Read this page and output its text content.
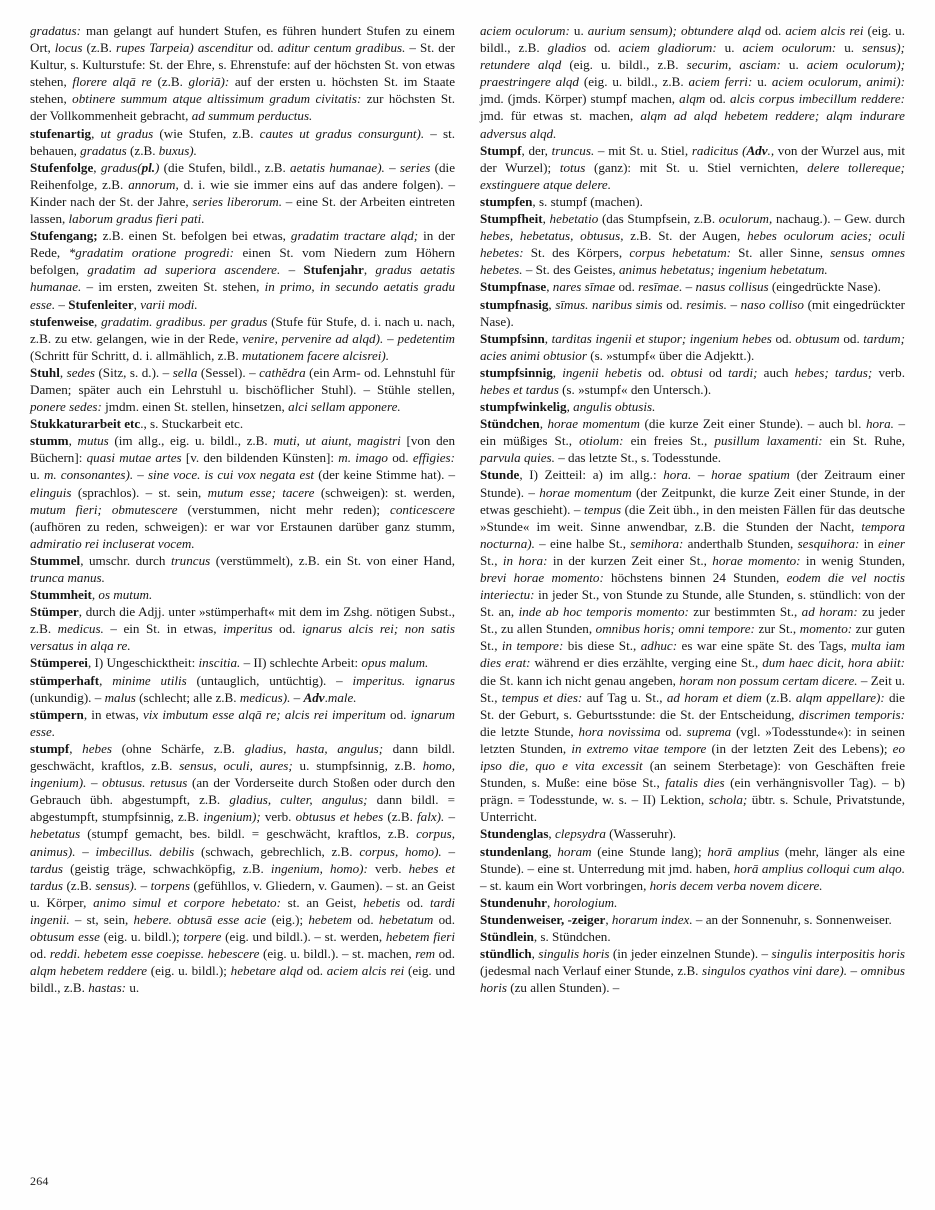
gradatus: man gelangt auf hundert Stufen, es führen hundert Stufen zu einem Ort, locus (z.B. rupes Tarpeia) ascenditur od. aditur centum gradibus. – St. der Kultur, s. Kulturstufe: St. der Ehre, s. Ehrenstufe: auf der höchsten St. von etwas stehen, florere alqā re (z.B. gloriā): auf der ersten u. höchsten St. im Staate stehen, obtinere summum atque altissimum gradum civitatis: zur höchsten St. der Vollkommenheit gebracht, ad summum perductus.

stufenartig, ut gradus (wie Stufen, z.B. cautes ut gradus consurgunt). – st. behauen, gradatus (z.B. buxus).

Stufenfolge, gradus(pl.) (die Stufen, bildl., z.B. aetatis humanae). – series (die Reihenfolge, z.B. annorum, d. i. wie sie immer eins auf das andere folgen). – Kinder nach der St. der Jahre, series liberorum. – eine St. der Arbeiten eintreten lassen, laborum gradus fieri pati.

Stufengang; z.B. einen St. befolgen bei etwas, gradatim tractare alqd; in der Rede, *gradatim oratione progredi: einen St. vom Niedern zum Höhern befolgen, gradatim ad superiora ascendere. – Stufenjahr, gradus aetatis humanae. – im ersten, zweiten St. stehen, in primo, in secundo aetatis gradu esse. – Stufenleiter, varii modi.

stufenweise, gradatim. gradibus. per gradus (Stufe für Stufe, d. i. nach u. nach, z.B. zu etw. gelangen, wie in der Rede, venire, pervenire ad alqd). – pedetentim (Schritt für Schritt, d. i. allmählich, z.B. mutationem facere alcisrei).

Stuhl, sedes (Sitz, s. d.). – sella (Sessel). – cathĕdra (ein Arm- od. Lehnstuhl für Damen; später auch ein Lehrstuhl u. bischöflicher Stuhl). – Stühle stellen, ponere sedes: jmdm. einen St. stellen, hinsetzen, alci sellam apponere.

Stukkaturarbeit etc., s. Stuckarbeit etc.

stumm, mutus (im allg., eig. u. bildl., z.B. muti, ut aiunt, magistri [von den Büchern]: quasi mutae artes [v. den bildenden Künsten]: m. imago od. effigies: u. m. consonantes). – sine voce. is cui vox negata est (der keine Stimme hat). – elinguis (sprachlos). – st. sein, mutum esse; tacere (schweigen): st. werden, mutum fieri; obmutescere (verstummen, nicht mehr reden); conticescere (aufhören zu reden, schweigen): er war vor Erstaunen darüber ganz stumm, admiratio rei incluserat vocem.

Stummel, umschr. durch truncus (verstümmelt), z.B. ein St. von einer Hand, trunca manus.

Stummheit, os mutum.

Stümper, durch die Adjj. unter »stümperhaft« mit dem im Zshg. nötigen Subst., z.B. medicus. – ein St. in etwas, imperitus od. ignarus alcis rei; non satis versatus in alqa re.

Stümperei, I) Ungeschicktheit: inscitia. – II) schlechte Arbeit: opus malum.

stümperhaft, minime utilis (untauglich, untüchtig). – imperitus. ignarus (unkundig). – malus (schlecht; alle z.B. medicus). – Adv.male.

stümpern, in etwas, vix imbutum esse alqā re; alcis rei imperitum od. ignarum esse.

stumpf, hebes (ohne Schärfe, z.B. gladius, hasta, angulus; dann bildl. geschwächt, kraftlos, z.B. sensus, oculi, aures; u. stumpfsinnig, z.B. homo, ingenium). – obtusus. retusus (an der Vorderseite durch Stoßen oder durch den Gebrauch übh. abgestumpft, z.B. gladius, culter, angulus; dann bildl. = abgestumpft, stumpfsinnig, z.B. ingenium); verb. obtusus et hebes (z.B. falx). – hebetatus (stumpf gemacht, bes. bildl. = geschwächt, kraftlos, z.B. corpus, animus). – imbecillus. debilis (schwach, gebrechlich, z.B. corpus, homo). – tardus (geistig träge, schwachköpfig, z.B. ingenium, homo): verb. hebes et tardus (z.B. sensus). – torpens (gefühllos, v. Gliedern, v. Gaumen). – st. an Geist u. Körper, animo simul et corpore hebetato: st. an Geist, hebetis od. tardi ingenii. – st, sein, hebere. obtusā esse acie (eig.); hebetem od. hebetatum od. obtusum esse (eig. u. bildl.); torpere (eig. und bildl.). – st. werden, hebetem fieri od. reddi. hebetem esse coepisse. hebescere (eig. u. bildl.). – st. machen, rem od. alqm hebetem reddere (eig. u. bildl.); hebetare alqd od. aciem alcis rei (eig. und bildl., z.B. hastas: u.

aciem oculorum: u. aurium sensum); obtundere alqd od. aciem alcis rei (eig. u. bildl., z.B. gladios od. aciem gladiorum: u. aciem oculorum: u. sensus); retundere alqd (eig. u. bildl., z.B. securim, asciam: u. aciem oculorum); praestringere alqd (eig. u. bildl., z.B. aciem ferri: u. aciem oculorum, animi): jmd. (jmds. Körper) stumpf machen, alqm od. alcis corpus imbecillum reddere: jmd. für etwas st. machen, alqm ad alqd hebetem reddere; alqm indurare adversus alqd.

Stumpf, der, truncus. – mit St. u. Stiel, radicitus (Adv., von der Wurzel aus, mit der Wurzel); totus (ganz): mit St. u. Stiel vernichten, delere tollereque; exstinguere atque delere.

stumpfen, s. stumpf (machen).

Stumpfheit, hebetatio (das Stumpfsein, z.B. oculorum, nachaug.). – Gew. durch hebes, hebetatus, obtusus, z.B. St. der Augen, hebes oculorum acies; oculi hebetes: St. des Körpers, corpus hebetatum: St. aller Sinne, sensus omnes hebetes. – St. des Geistes, animus hebetatus; ingenium hebetatum.

Stumpfnase, nares sīmae od. resīmae. – nasus collisus (eingedrückte Nase).

stumpfnasig, sīmus. naribus simis od. resimis. – naso colliso (mit eingedrückter Nase).

Stumpfsinn, tarditas ingenii et stupor; ingenium hebes od. obtusum od. tardum; acies animi obtusior (s. »stumpf« über die Adjektt.).

stumpfsinnig, ingenii hebetis od. obtusi od tardi; auch hebes; tardus; verb. hebes et tardus (s. »stumpf« den Untersch.).

stumpfwinkelig, angulis obtusis.

Stündchen, horae momentum (die kurze Zeit einer Stunde). – auch bl. hora. – ein müßiges St., otiolum: ein freies St., pusillum laxamenti: ein St. Ruhe, parvula quies. – das letzte St., s. Todesstunde.

Stunde, I) Zeitteil: a) im allg.: hora. – horae spatium (der Zeitraum einer Stunde). – horae momentum (der Zeitpunkt, die kurze Zeit einer Stunde, in der etwas geschieht). – tempus (die Zeit übh., in den meisten Fällen für das deutsche »Stunde« im weit. Sinne anwendbar, z.B. die Stunden der Nacht, tempora nocturna). – eine halbe St., semihora: anderthalb Stunden, sesquihora: in einer St., in hora: in der kurzen Zeit einer St., horae momento: in wenig Stunden, brevi horae momento: höchstens binnen 24 Stunden, eodem die vel noctis interiectu: in jeder St., von Stunde zu Stunde, alle Stunden, s. stündlich: von der St. an, inde ab hoc temporis momento: zur bestimmten St., ad horam: zu jeder St., zu allen Stunden, omnibus horis; omni tempore: zur St., momento: zur guten St., in tempore: bis diese St., adhuc: es war eine späte St. des Tags, multa iam dies erat: während er dies erzählte, verging eine St., dum haec dicit, hora abiit: die St. kann ich nicht genau angeben, horam non possum certam dicere. – Zeit u. St., tempus et dies: auf Tag u. St., ad horam et diem (z.B. alqm appellare): die St. der Geburt, s. Geburtsstunde: die St. der Entscheidung, discrimen temporis: die letzte Stunde, hora novissima od. suprema (vgl. »Todesstunde«): in seinen letzten Stunden, in extremo vitae tempore (in der letzten Zeit des Lebens); eo ipso die, quo e vita excessit (an seinem Sterbetage): von Geschäften freie Stunden, s. Muße: eine böse St., fatalis dies (ein verhängnisvoller Tag). – b) prägn. = Todesstunde, w. s. – II) Lektion, schola; übtr. s. Schule, Privatstunde, Unterricht.

Stundenglas, clepsydra (Wasseruhr).

stundenlang, horam (eine Stunde lang); horā amplius (mehr, länger als eine Stunde). – eine st. Unterredung mit jmd. haben, horā amplius colloqui cum alqo. – st. kaum ein Wort vorbringen, horis decem verba novem dicere.

Stundenuhr, horologium.

Stundenweiser, -zeiger, horarum index. – an der Sonnenuhr, s. Sonnenweiser.

Stündlein, s. Stündchen.

stündlich, singulis horis (in jeder einzelnen Stunde). – singulis interpositis horis (jedesmal nach Verlauf einer Stunde, z.B. singulos cyathos vini dare). – omnibus horis (zu allen Stunden). –

264
